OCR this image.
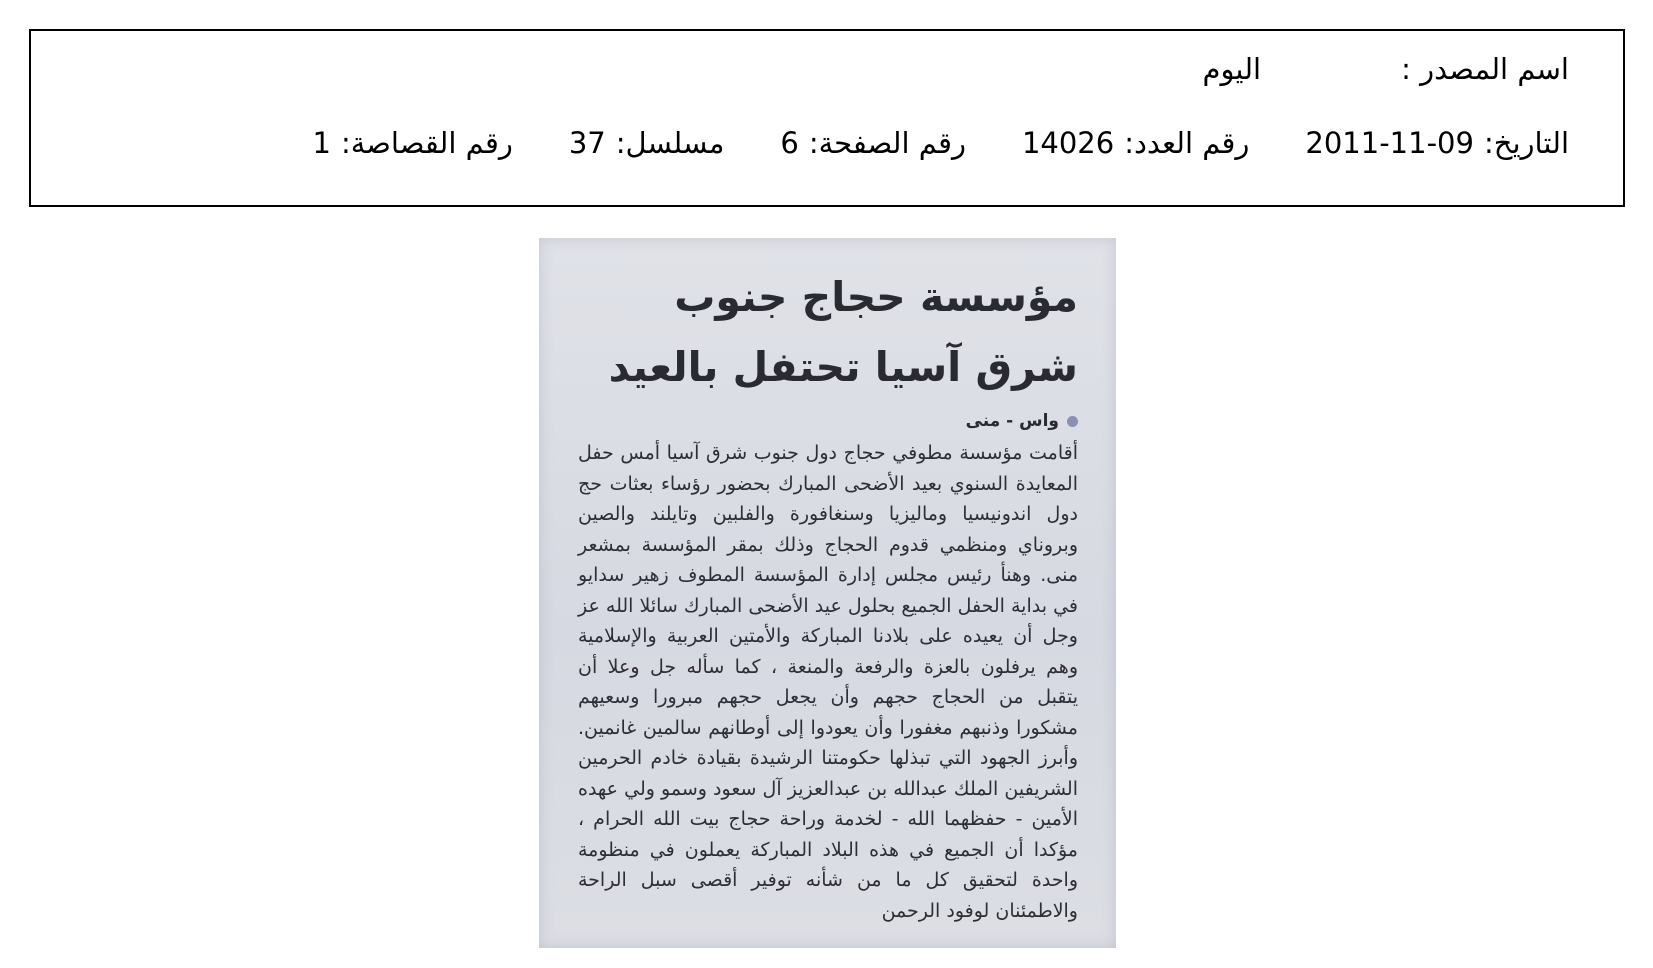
اسم المصدر :
اليوم
التاريخ:
2011-11-09
رقم العدد:
14026
رقم الصفحة:
6
مسلسل:
37
رقم القصاصة:
1
مؤسسة حجاج جنوب شرق آسيا تحتفل بالعيد
واس - منى
أقامت مؤسسة مطوفي حجاج دول جنوب شرق آسيا أمس حفل المعايدة السنوي بعيد الأضحى المبارك بحضور رؤساء بعثات حج دول اندونيسيا وماليزيا وسنغافورة والفلبين وتايلند والصين وبروناي ومنظمي قدوم الحجاج وذلك بمقر المؤسسة بمشعر منى. وهنأ رئيس مجلس إدارة المؤسسة المطوف زهير سدايو في بداية الحفل الجميع بحلول عيد الأضحى المبارك سائلا الله عز وجل أن يعيده على بلادنا المباركة والأمتين العربية والإسلامية وهم يرفلون بالعزة والرفعة والمنعة ، كما سأله جل وعلا أن يتقبل من الحجاج حجهم وأن يجعل حجهم مبرورا وسعيهم مشكورا وذنبهم مغفورا وأن يعودوا إلى أوطانهم سالمين غانمين. وأبرز الجهود التي تبذلها حكومتنا الرشيدة بقيادة خادم الحرمين الشريفين الملك عبدالله بن عبدالعزيز آل سعود وسمو ولي عهده الأمين - حفظهما الله - لخدمة وراحة حجاج بيت الله الحرام ، مؤكدا أن الجميع في هذه البلاد المباركة يعملون في منظومة واحدة لتحقيق كل ما من شأنه توفير أقصى سبل الراحة والاطمئنان لوفود الرحمن
